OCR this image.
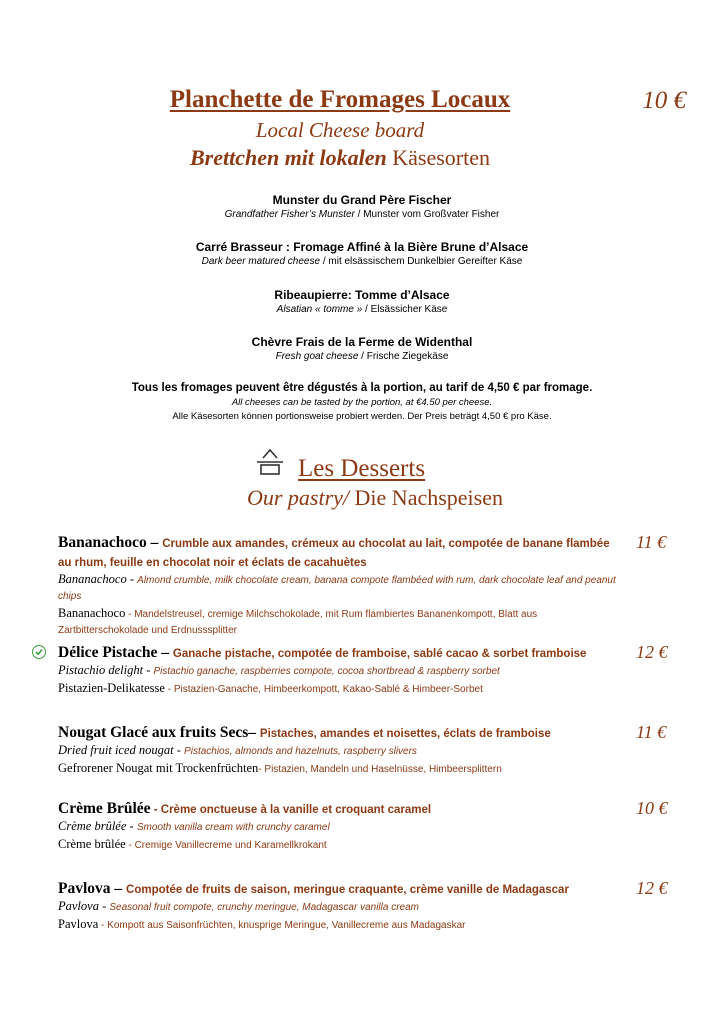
Planchette de Fromages Locaux	10 €
Local Cheese board
Brettchen mit lokalen Käsesorten
Munster du Grand Père Fischer
Grandfather Fisher’s Munster / Munster vom Großvater Fisher
Carré Brasseur : Fromage Affiné à la Bière Brune d’Alsace
Dark beer matured cheese / mit elsässischem Dunkelbier Gereifter Käse
Ribeaupierre: Tomme d’Alsace
Alsatian « tomme » / Elsässicher Käse
Chèvre Frais de la Ferme de Widenthal
Fresh goat cheese / Frische Ziegekäse
Tous les fromages peuvent être dégustés à la portion, au tarif de 4,50 € par fromage.
All cheeses can be tasted by the portion, at €4.50 per cheese.
Alle Käsesorten können portionsweise probiert werden. Der Preis beträgt 4,50 € pro Käse.
Les Desserts
Our pastry/ Die Nachspeisen
Bananachoco – Crumble aux amandes, crémeux au chocolat au lait, compotée de banane flambée au rhum, feuille en chocolat noir et éclats de cacahuètes
Bananachoco - Almond crumble, milk chocolate cream, banana compote flambéed with rum, dark chocolate leaf and peanut chips
Bananachoco - Mandelstreusel, cremige Milchschokolade, mit Rum flambiertes Bananenkompott, Blatt aus Zartbitterschokolade und Erdnusssplitter
11 €
Délice Pistache – Ganache pistache, compotée de framboise, sablé cacao & sorbet framboise
Pistachio delight - Pistachio ganache, raspberries compote, cocoa shortbread & raspberry sorbet
Pistazien-Delikatesse - Pistazien-Ganache, Himbeerkompott, Kakao-Sablé & Himbeer-Sorbet
12 €
Nougat Glacé aux fruits Secs– Pistaches, amandes et noisettes, éclats de framboise
Dried fruit iced nougat - Pistachios, almonds and hazelnuts, raspberry slivers
Gefrorener Nougat mit Trockenfrüchten- Pistazien, Mandeln und Haselnüsse, Himbeersplittern
11 €
Crème Brûlée - Crème onctueuse à la vanille et croquant caramel
Crème brûlée - Smooth vanilla cream with crunchy caramel
Crème brûlée - Cremige Vanillecreme und Karamellkrokant
10 €
Pavlova – Compotée de fruits de saison, meringue craquante, crème vanille de Madagascar
Pavlova - Seasonal fruit compote, crunchy meringue, Madagascar vanilla cream
Pavlova - Kompott aus Saisonfrüchten, knusprige Meringue, Vanillecreme aus Madagaskar
12 €
